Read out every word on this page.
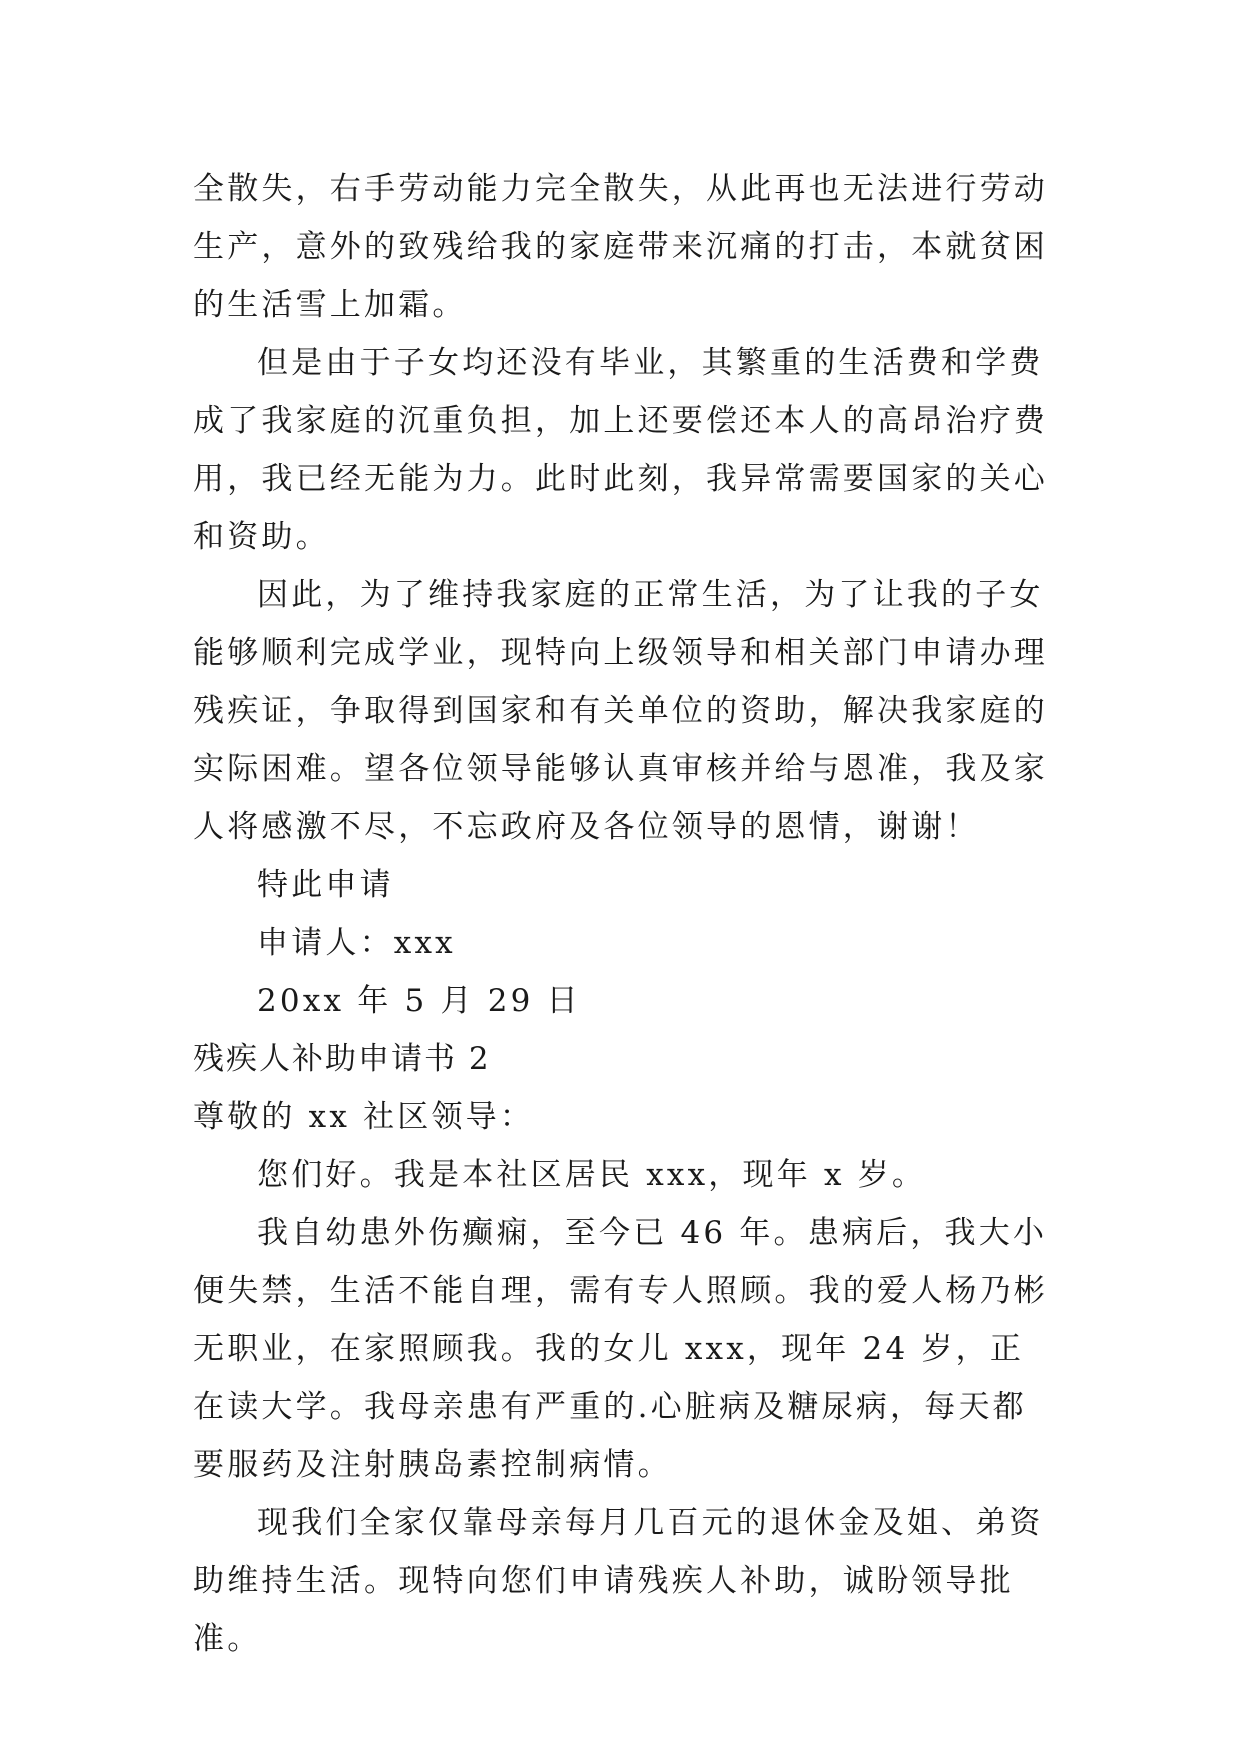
全散失，右手劳动能力完全散失，从此再也无法进行劳动生产，意外的致残给我的家庭带来沉痛的打击，本就贫困的生活雪上加霜。

但是由于子女均还没有毕业，其繁重的生活费和学费成了我家庭的沉重负担，加上还要偿还本人的高昂治疗费用，我已经无能为力。此时此刻，我异常需要国家的关心和资助。

因此，为了维持我家庭的正常生活，为了让我的子女能够顺利完成学业，现特向上级领导和相关部门申请办理残疾证，争取得到国家和有关单位的资助，解决我家庭的实际困难。望各位领导能够认真审核并给与恩准，我及家人将感激不尽，不忘政府及各位领导的恩情，谢谢！

特此申请

申请人：xxx

20xx 年 5 月 29 日

残疾人补助申请书 2

尊敬的 xx 社区领导：

您们好。我是本社区居民 xxx，现年 x 岁。

我自幼患外伤癫痫，至今已 46 年。患病后，我大小便失禁，生活不能自理，需有专人照顾。我的爱人杨乃彬无职业，在家照顾我。我的女儿 xxx，现年 24 岁，正在读大学。我母亲患有严重的.心脏病及糖尿病，每天都要服药及注射胰岛素控制病情。

现我们全家仅靠母亲每月几百元的退休金及姐、弟资助维持生活。现特向您们申请残疾人补助，诚盼领导批准。
